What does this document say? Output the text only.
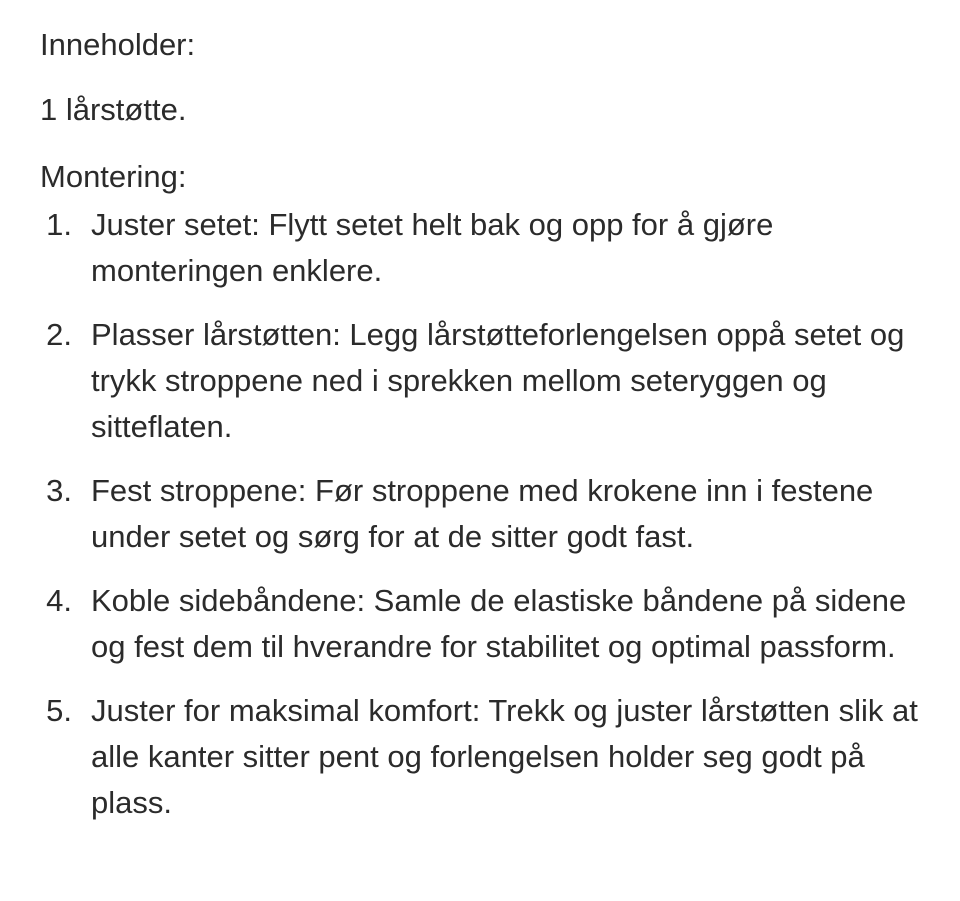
Inneholder:

1 lårstøtte.

Montering:

1. Juster setet: Flytt setet helt bak og opp for å gjøre monteringen enklere.
2. Plasser lårstøtten: Legg lårstøtteforlengelsen oppå setet og trykk stroppene ned i sprekken mellom seteryggen og sitteflaten.
3. Fest stroppene: Før stroppene med krokene inn i festene under setet og sørg for at de sitter godt fast.
4. Koble sidebåndene: Samle de elastiske båndene på sidene og fest dem til hverandre for stabilitet og optimal passform.
5. Juster for maksimal komfort: Trekk og juster lårstøtten slik at alle kanter sitter pent og forlengelsen holder seg godt på plass.
